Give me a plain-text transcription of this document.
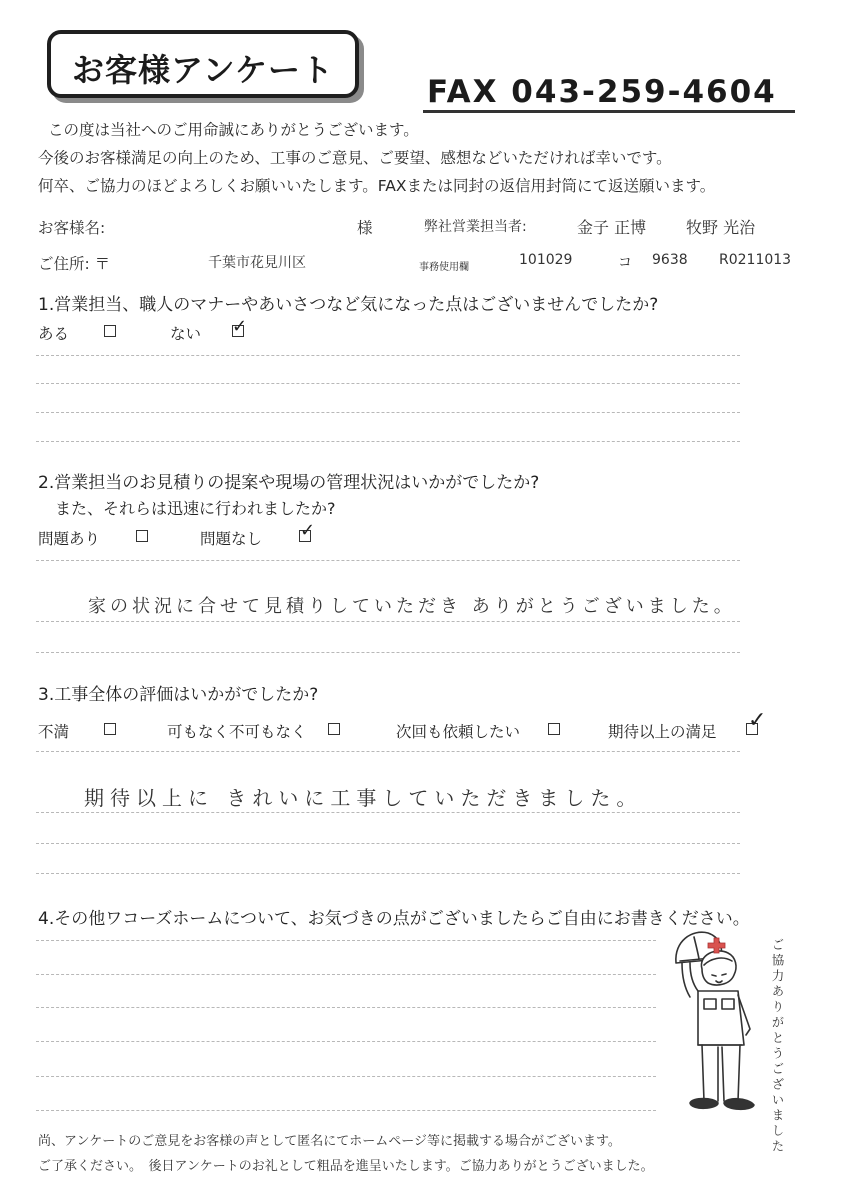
お客様アンケート
FAX 043-259-4604
この度は当社へのご用命誠にありがとうございます。
今後のお客様満足の向上のため、工事のご意見、ご要望、感想などいただければ幸いです。
何卒、ご協力のほどよろしくお願いいたします。FAXまたは同封の返信用封筒にて返送願います。
お客様名:	様	弊社営業担当者:	金子 正博 牧野 光治
ご住所: 〒	千葉市花見川区	事務使用欄	101029	コ 9638 R0211013
1.営業担当、職人のマナーやあいさつなど気になった点はございませんでしたか?
ある	ない ✓
2.営業担当のお見積りの提案や現場の管理状況はいかがでしたか?
また、それらは迅速に行われましたか?
問題あり	問題なし ✓
家の状況に合せて見積りしていただき ありがとうございました。
3.工事全体の評価はいかがでしたか?
不満	可もなく不可もなく	次回も依頼したい	期待以上の満足 ✓
期待以上に きれいに工事していただきました。
4.その他ワコーズホームについて、お気づきの点がございましたらご自由にお書きください。
ご協力ありがとうございました
尚、アンケートのご意見をお客様の声として匿名にてホームページ等に掲載する場合がございます。
ご了承ください。　後日アンケートのお礼として粗品を進呈いたします。ご協力ありがとうございました。
